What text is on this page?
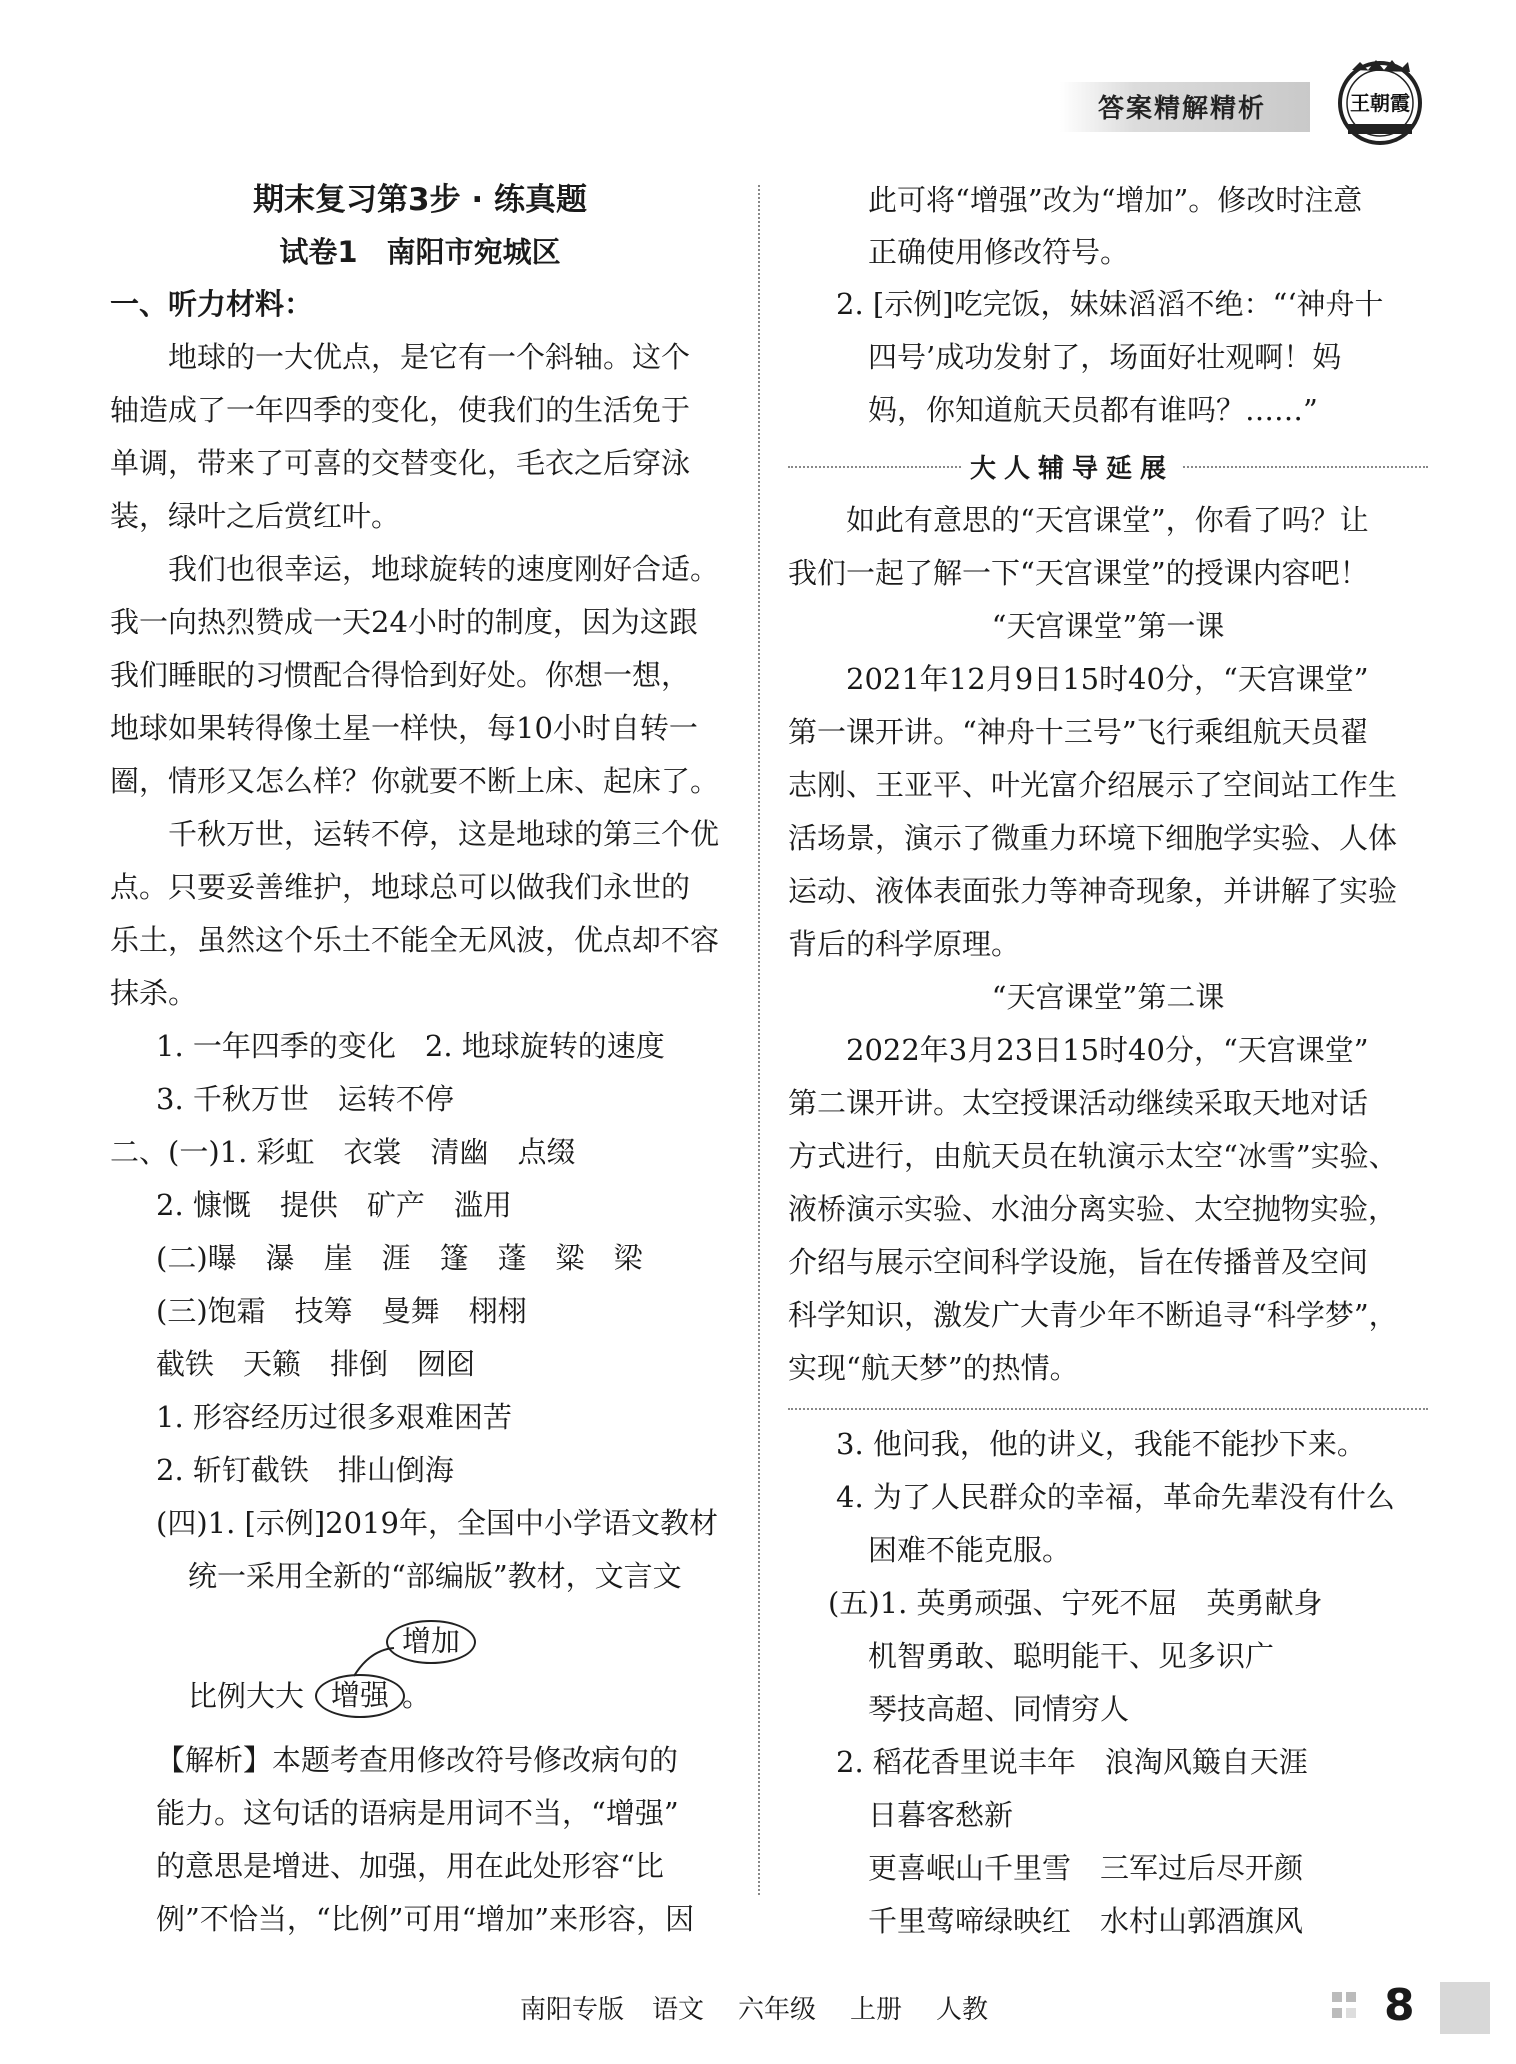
答案精解精析	王朝霞
期末复习第3步 · 练真题
试卷1　南阳市宛城区
一、听力材料：
地球的一大优点，是它有一个斜轴。这个
轴造成了一年四季的变化，使我们的生活免于
单调，带来了可喜的交替变化，毛衣之后穿泳
装，绿叶之后赏红叶。
我们也很幸运，地球旋转的速度刚好合适。
我一向热烈赞成一天24小时的制度，因为这跟
我们睡眠的习惯配合得恰到好处。你想一想，
地球如果转得像土星一样快，每10小时自转一
圈，情形又怎么样？你就要不断上床、起床了。
千秋万世，运转不停，这是地球的第三个优
点。只要妥善维护，地球总可以做我们永世的
乐土，虽然这个乐土不能全无风波，优点却不容
抹杀。
1. 一年四季的变化　2. 地球旋转的速度
3. 千秋万世　运转不停
二、(一)1. 彩虹　衣裳　清幽　点缀
2. 慷慨　提供　矿产　滥用
(二)曝　瀑　崖　涯　篷　蓬　粱　梁
(三)饱霜　技筹　曼舞　栩栩
截铁　天籁　排倒　囫囵
1. 形容经历过很多艰难困苦
2. 斩钉截铁　排山倒海
(四)1. [示例]2019年，全国中小学语文教材
统一采用全新的“部编版”教材，文言文
比例大大 增强 。
增加
【解析】本题考查用修改符号修改病句的
能力。这句话的语病是用词不当，“增强”
的意思是增进、加强，用在此处形容“比
例”不恰当，“比例”可用“增加”来形容，因
此可将“增强”改为“增加”。修改时注意
正确使用修改符号。
2. [示例]吃完饭，妹妹滔滔不绝：“‘神舟十
四号’成功发射了，场面好壮观啊！妈
妈，你知道航天员都有谁吗？……”
大人辅导延展
如此有意思的“天宫课堂”，你看了吗？让
我们一起了解一下“天宫课堂”的授课内容吧！
“天宫课堂”第一课
2021年12月9日15时40分，“天宫课堂”
第一课开讲。“神舟十三号”飞行乘组航天员翟
志刚、王亚平、叶光富介绍展示了空间站工作生
活场景，演示了微重力环境下细胞学实验、人体
运动、液体表面张力等神奇现象，并讲解了实验
背后的科学原理。
“天宫课堂”第二课
2022年3月23日15时40分，“天宫课堂”
第二课开讲。太空授课活动继续采取天地对话
方式进行，由航天员在轨演示太空“冰雪”实验、
液桥演示实验、水油分离实验、太空抛物实验，
介绍与展示空间科学设施，旨在传播普及空间
科学知识，激发广大青少年不断追寻“科学梦”，
实现“航天梦”的热情。
3. 他问我，他的讲义，我能不能抄下来。
4. 为了人民群众的幸福，革命先辈没有什么
困难不能克服。
(五)1. 英勇顽强、宁死不屈　英勇献身
机智勇敢、聪明能干、见多识广
琴技高超、同情穷人
2. 稻花香里说丰年　浪淘风簸自天涯
日暮客愁新
更喜岷山千里雪　三军过后尽开颜
千里莺啼绿映红　水村山郭酒旗风
南阳专版 语文 六年级 上册 人教	8
